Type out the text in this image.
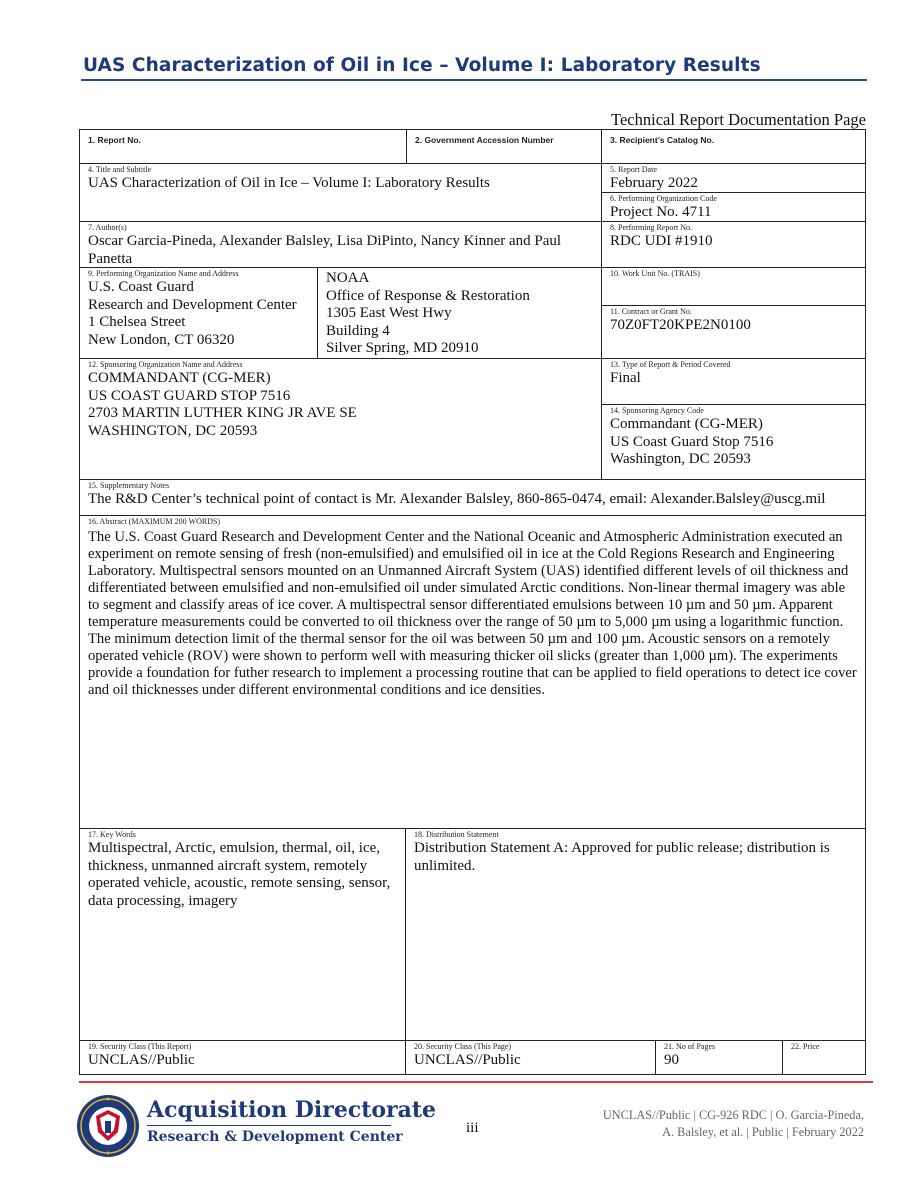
UAS Characterization of Oil in Ice – Volume I: Laboratory Results
Technical Report Documentation Page
1. Report No.	2. Government Accession Number	3. Recipient’s Catalog No.
4. Title and Subtitle
UAS Characterization of Oil in Ice – Volume I: Laboratory Results
5. Report Date
February 2022
6. Performing Organization Code
Project No. 4711
7. Author(s)
Oscar Garcia-Pineda, Alexander Balsley, Lisa DiPinto, Nancy Kinner and Paul Panetta
8. Performing Report No.
RDC UDI #1910
9. Performing Organization Name and Address
U.S. Coast Guard
Research and Development Center
1 Chelsea Street
New London, CT 06320
NOAA
Office of Response & Restoration
1305 East West Hwy
Building 4
Silver Spring, MD 20910
10. Work Unit No. (TRAIS)
11. Contract or Grant No.
70Z0FT20KPE2N0100
12. Sponsoring Organization Name and Address
COMMANDANT (CG-MER)
US COAST GUARD STOP 7516
2703 MARTIN LUTHER KING JR AVE SE
WASHINGTON, DC 20593
13. Type of Report & Period Covered
Final
14. Sponsoring Agency Code
Commandant (CG-MER)
US Coast Guard Stop 7516
Washington, DC 20593
15. Supplementary Notes
The R&D Center’s technical point of contact is Mr. Alexander Balsley, 860-865-0474, email: Alexander.Balsley@uscg.mil
16. Abstract (MAXIMUM 200 WORDS)
The U.S. Coast Guard Research and Development Center and the National Oceanic and Atmospheric Administration executed an experiment on remote sensing of fresh (non-emulsified) and emulsified oil in ice at the Cold Regions Research and Engineering Laboratory. Multispectral sensors mounted on an Unmanned Aircraft System (UAS) identified different levels of oil thickness and differentiated between emulsified and non-emulsified oil under simulated Arctic conditions. Non-linear thermal imagery was able to segment and classify areas of ice cover. A multispectral sensor differentiated emulsions between 10 µm and 50 µm. Apparent temperature measurements could be converted to oil thickness over the range of 50 µm to 5,000 µm using a logarithmic function. The minimum detection limit of the thermal sensor for the oil was between 50 µm and 100 µm. Acoustic sensors on a remotely operated vehicle (ROV) were shown to perform well with measuring thicker oil slicks (greater than 1,000 µm). The experiments provide a foundation for futher research to implement a processing routine that can be applied to field operations to detect ice cover and oil thicknesses under different environmental conditions and ice densities.
17. Key Words
Multispectral, Arctic, emulsion, thermal, oil, ice, thickness, unmanned aircraft system, remotely operated vehicle, acoustic, remote sensing, sensor, data processing, imagery
18. Distribution Statement
Distribution Statement A: Approved for public release; distribution is unlimited.
19. Security Class (This Report)
UNCLAS//Public
20. Security Class (This Page)
UNCLAS//Public
21. No of Pages
90
22. Price
Acquisition Directorate
Research & Development Center
iii
UNCLAS//Public | CG-926 RDC | O. Garcia-Pineda,
A. Balsley, et al. | Public | February 2022
